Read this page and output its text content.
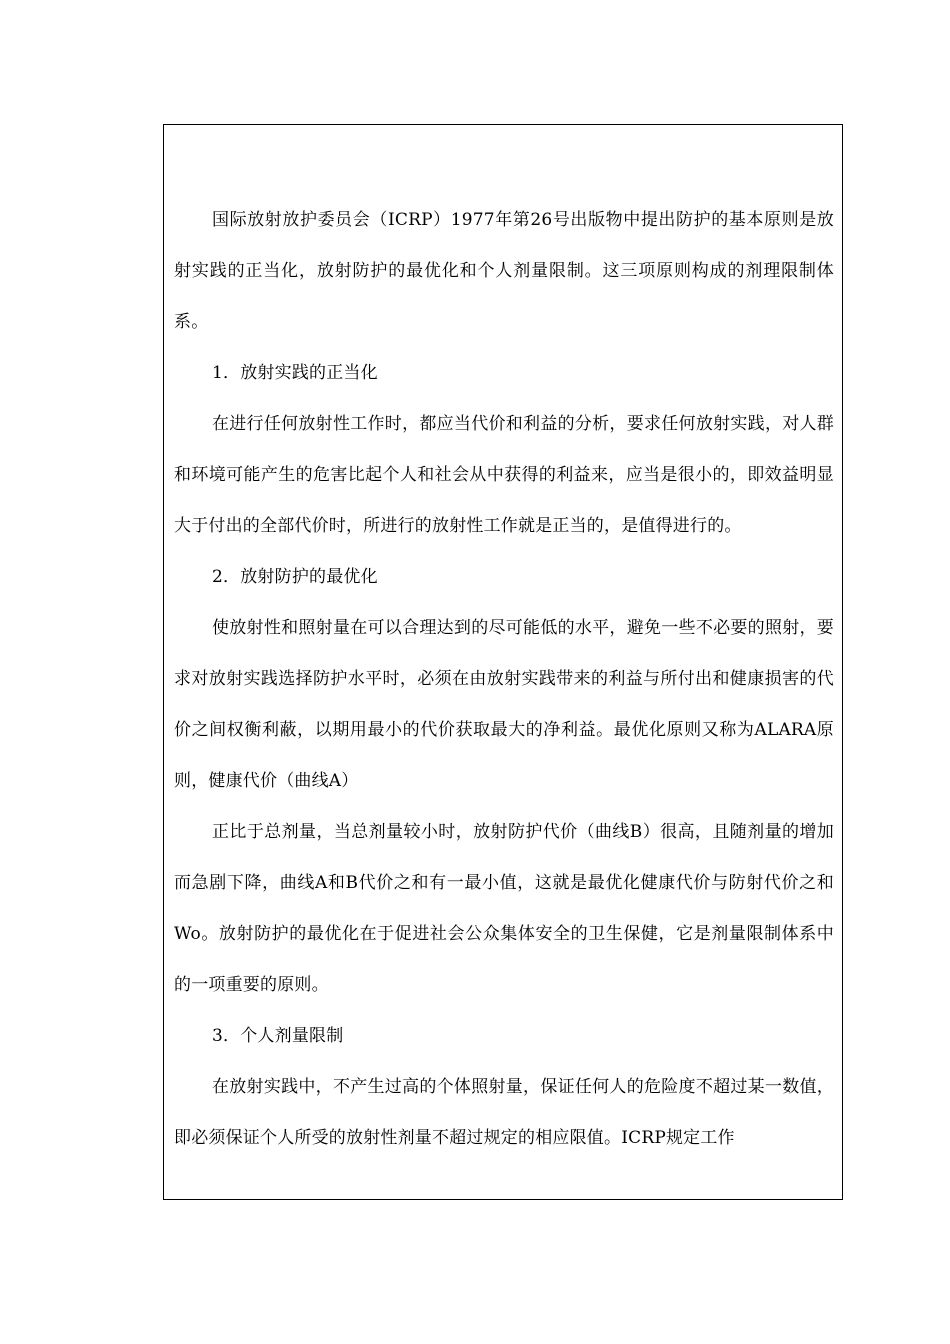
国际放射放护委员会（ICRP）1977年第26号出版物中提出防护的基本原则是放射实践的正当化，放射防护的最优化和个人剂量限制。这三项原则构成的剂理限制体系。

1．放射实践的正当化

在进行任何放射性工作时，都应当代价和利益的分析，要求任何放射实践，对人群和环境可能产生的危害比起个人和社会从中获得的利益来，应当是很小的，即效益明显大于付出的全部代价时，所进行的放射性工作就是正当的，是值得进行的。

2．放射防护的最优化

使放射性和照射量在可以合理达到的尽可能低的水平，避免一些不必要的照射，要求对放射实践选择防护水平时，必须在由放射实践带来的利益与所付出和健康损害的代价之间权衡利蔽，以期用最小的代价获取最大的净利益。最优化原则又称为ALARA原则，健康代价（曲线A）

正比于总剂量，当总剂量较小时，放射防护代价（曲线B）很高，且随剂量的增加而急剧下降，曲线A和B代价之和有一最小值，这就是最优化健康代价与防射代价之和Wo。放射防护的最优化在于促进社会公众集体安全的卫生保健，它是剂量限制体系中的一项重要的原则。

3．个人剂量限制

在放射实践中，不产生过高的个体照射量，保证任何人的危险度不超过某一数值，即必须保证个人所受的放射性剂量不超过规定的相应限值。ICRP规定工作
